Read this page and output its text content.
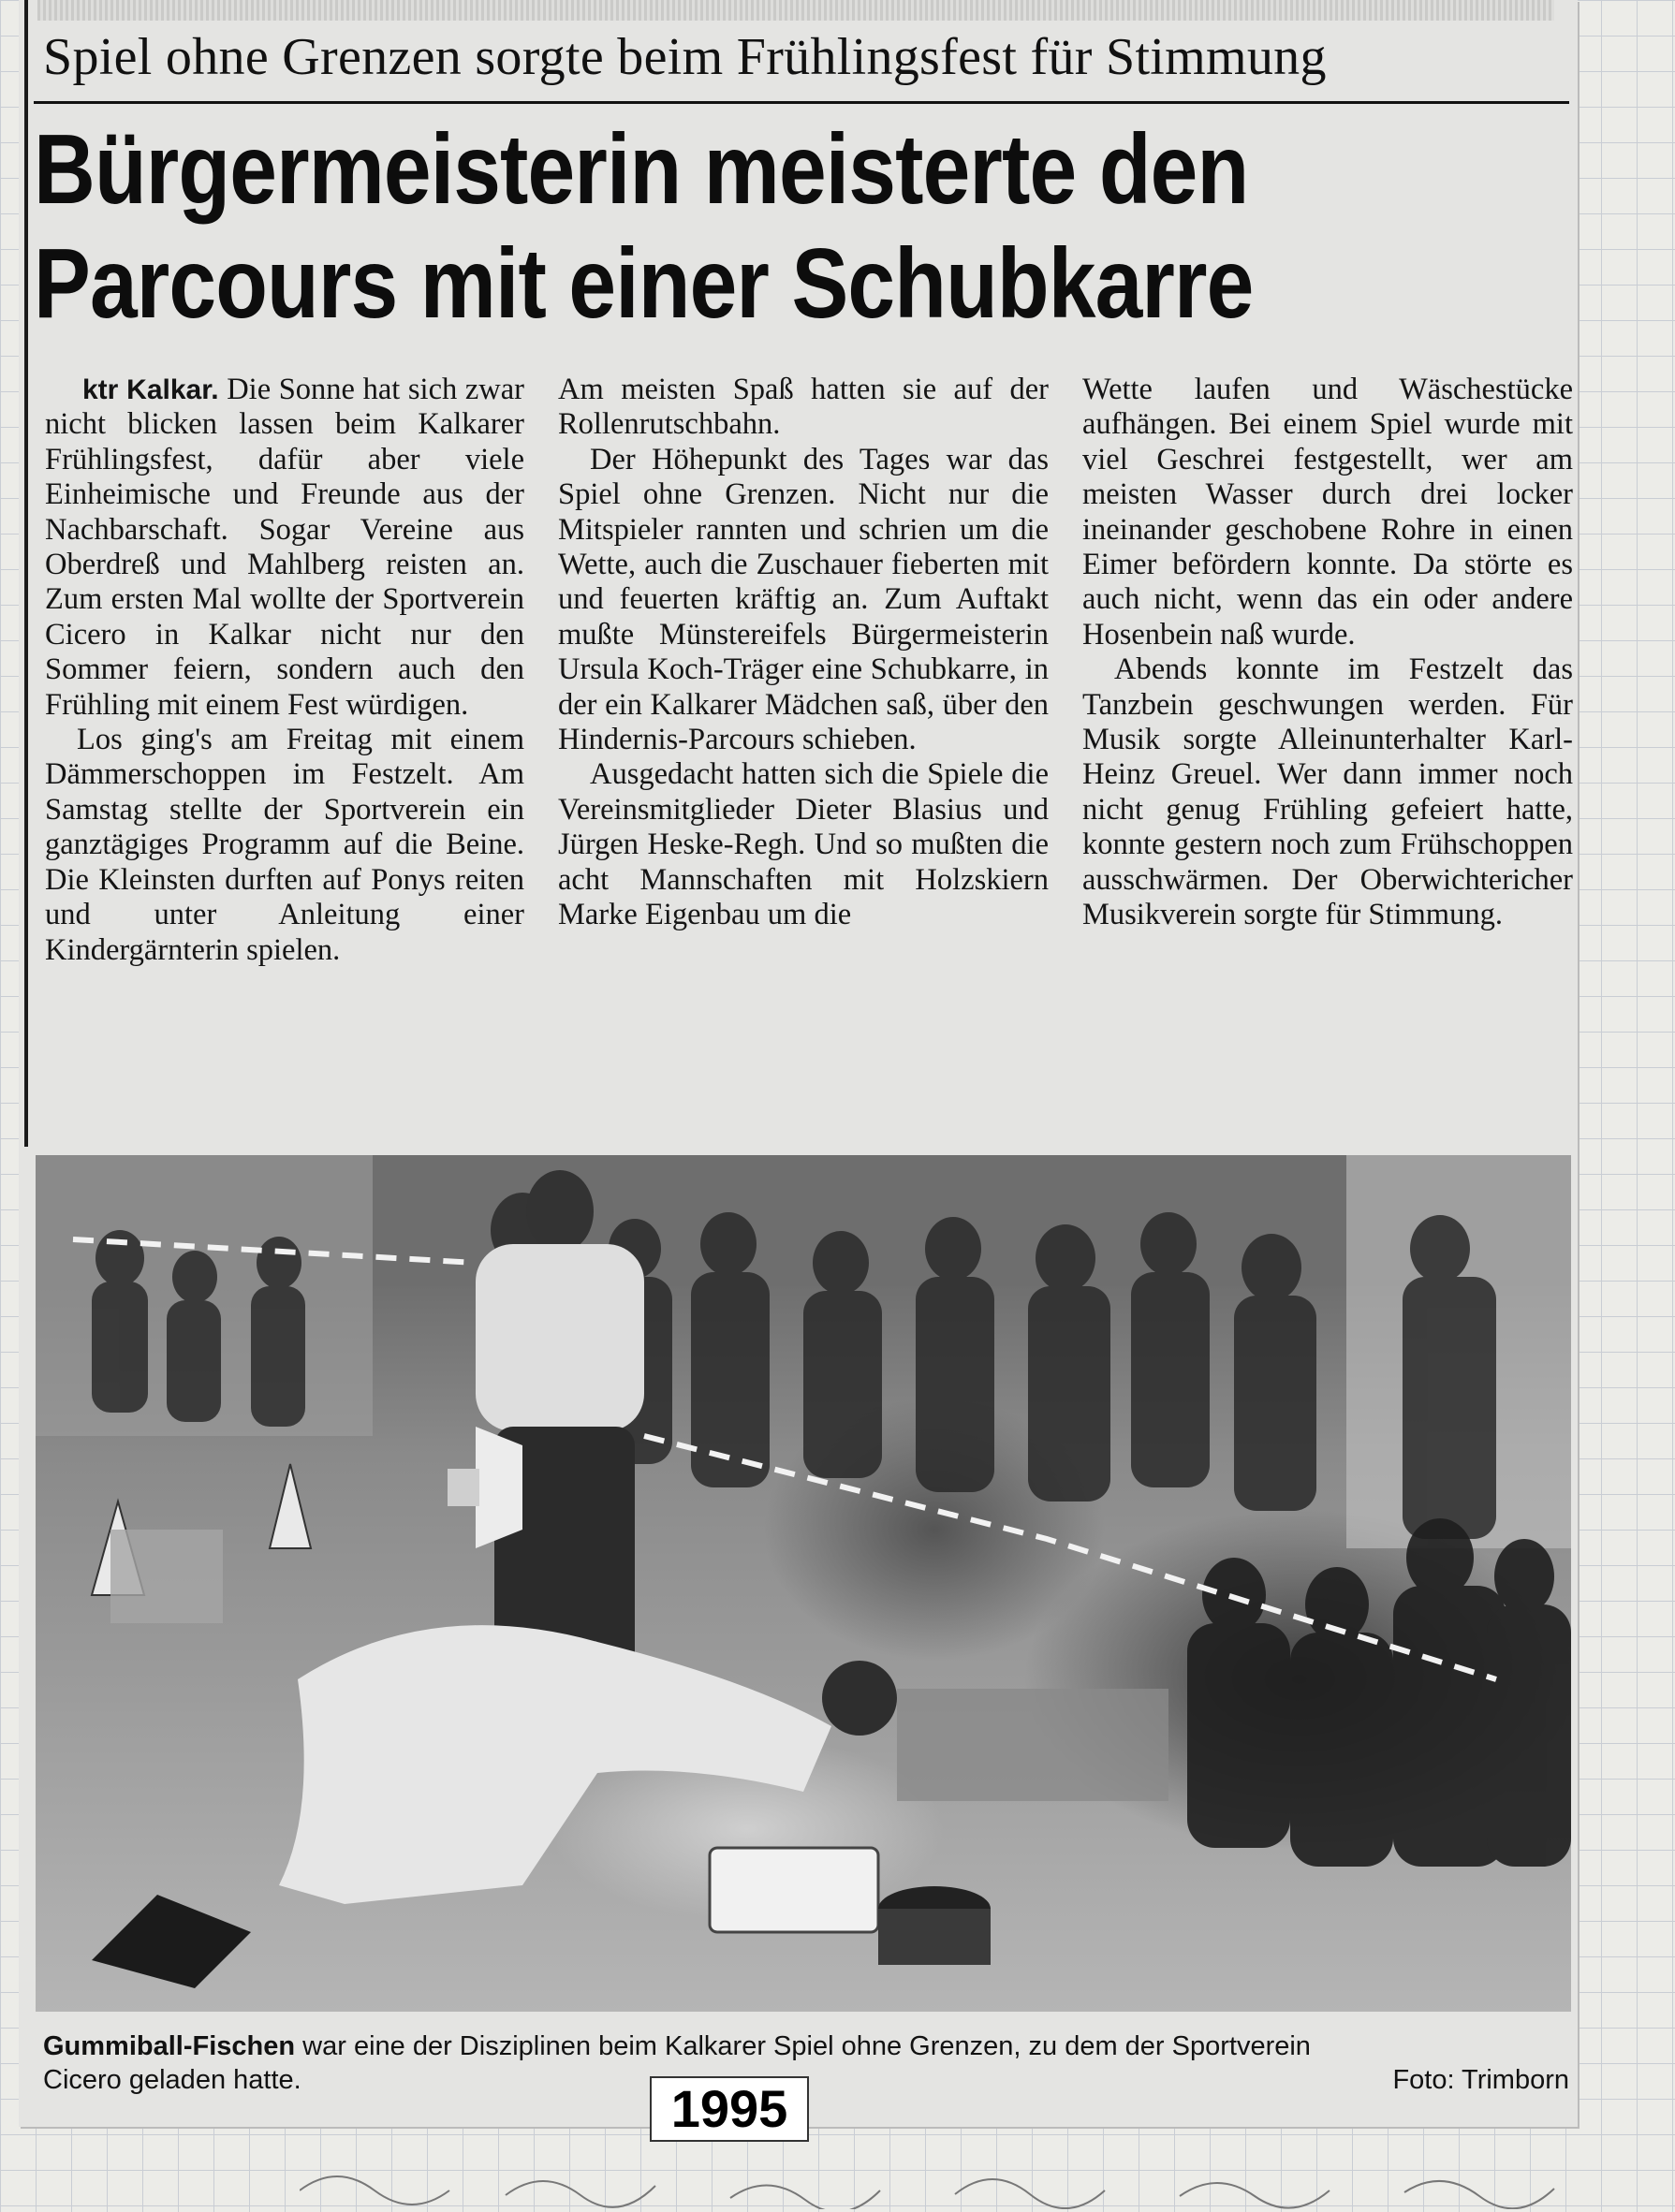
Spiel ohne Grenzen sorgte beim Frühlingsfest für Stimmung
Bürgermeisterin meisterte den
Parcours mit einer Schubkarre

ktr Kalkar. Die Sonne hat sich zwar nicht blicken lassen beim Kalkarer Frühlingsfest, dafür aber viele Einheimische und Freunde aus der Nachbarschaft. Sogar Vereine aus Oberdreß und Mahlberg reisten an. Zum ersten Mal wollte der Sportverein Cicero in Kalkar nicht nur den Sommer feiern, sondern auch den Frühling mit einem Fest würdigen.

Los ging's am Freitag mit einem Dämmerschoppen im Festzelt. Am Samstag stellte der Sportverein ein ganztägiges Programm auf die Beine. Die Kleinsten durften auf Ponys reiten und unter Anleitung einer Kindergärnterin spielen.

Am meisten Spaß hatten sie auf der Rollenrutschbahn.

Der Höhepunkt des Tages war das Spiel ohne Grenzen. Nicht nur die Mitspieler rannten und schrien um die Wette, auch die Zuschauer fieberten mit und feuerten kräftig an. Zum Auftakt mußte Münstereifels Bürgermeisterin Ursula Koch-Träger eine Schubkarre, in der ein Kalkarer Mädchen saß, über den Hindernis-Parcours schieben.

Ausgedacht hatten sich die Spiele die Vereinsmitglieder Dieter Blasius und Jürgen Heske-Regh. Und so mußten die acht Mannschaften mit Holzskiern Marke Eigenbau um die

Wette laufen und Wäschestücke aufhängen. Bei einem Spiel wurde mit viel Geschrei festgestellt, wer am meisten Wasser durch drei locker ineinander geschobene Rohre in einen Eimer befördern konnte. Da störte es auch nicht, wenn das ein oder andere Hosenbein naß wurde.

Abends konnte im Festzelt das Tanzbein geschwungen werden. Für Musik sorgte Alleinunterhalter Karl-Heinz Greuel. Wer dann immer noch nicht genug Frühling gefeiert hatte, konnte gestern noch zum Frühschoppen ausschwärmen. Der Oberwichtericher Musikverein sorgte für Stimmung.

Gummiball-Fischen war eine der Disziplinen beim Kalkarer Spiel ohne Grenzen, zu dem der Sportverein
Cicero geladen hatte.	Foto: Trimborn
1995
